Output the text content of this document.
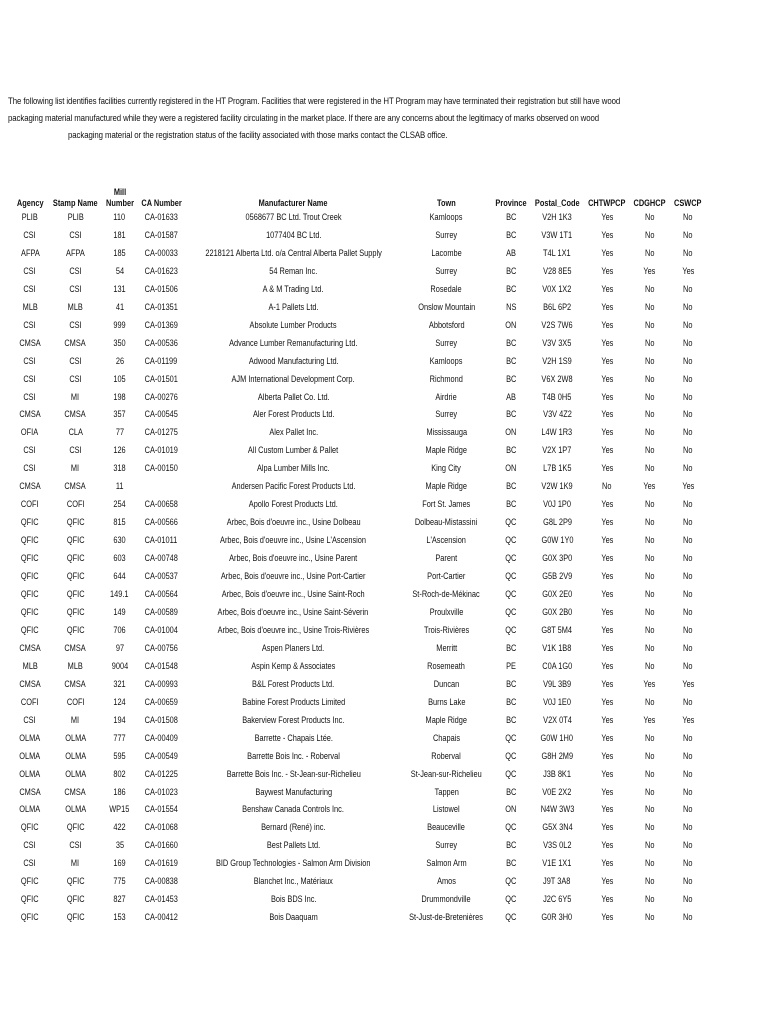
The following list identifies facilities currently registered in the HT Program. Facilities that were registered in the HT Program may have terminated their registration but still have wood

packaging material manufactured while they were a registered facility circulating in the market place. If there are any concerns about the legitimacy of marks observed on wood

packaging material or the registration status of the facility associated with those marks contact the CLSAB office.

Agency	Stamp Name	Mill
Number	CA Number	Manufacturer Name	Town	Province	Postal_Code	CHTWPCP	CDGHCP	CSWCP
PLIB	PLIB	110	CA-01633	0568677 BC Ltd. Trout Creek	Kamloops	BC	V2H 1K3	Yes	No	No
CSI	CSI	181	CA-01587	1077404 BC Ltd.	Surrey	BC	V3W 1T1	Yes	No	No
AFPA	AFPA	185	CA-00033	2218121 Alberta Ltd. o/a Central Alberta Pallet Supply	Lacombe	AB	T4L 1X1	Yes	No	No
CSI	CSI	54	CA-01623	54 Reman Inc.	Surrey	BC	V28 8E5	Yes	Yes	Yes
CSI	CSI	131	CA-01506	A & M Trading Ltd.	Rosedale	BC	V0X 1X2	Yes	No	No
MLB	MLB	41	CA-01351	A-1 Pallets Ltd.	Onslow Mountain	NS	B6L 6P2	Yes	No	No
CSI	CSI	999	CA-01369	Absolute Lumber Products	Abbotsford	ON	V2S 7W6	Yes	No	No
CMSA	CMSA	350	CA-00536	Advance Lumber Remanufacturing Ltd.	Surrey	BC	V3V 3X5	Yes	No	No
CSI	CSI	26	CA-01199	Adwood Manufacturing Ltd.	Kamloops	BC	V2H 1S9	Yes	No	No
CSI	CSI	105	CA-01501	AJM International Development Corp.	Richmond	BC	V6X 2W8	Yes	No	No
CSI	MI	198	CA-00276	Alberta Pallet Co. Ltd.	Airdrie	AB	T4B 0H5	Yes	No	No
CMSA	CMSA	357	CA-00545	Aler Forest Products Ltd.	Surrey	BC	V3V 4Z2	Yes	No	No
OFIA	CLA	77	CA-01275	Alex Pallet Inc.	Mississauga	ON	L4W 1R3	Yes	No	No
CSI	CSI	126	CA-01019	All Custom Lumber & Pallet	Maple Ridge	BC	V2X 1P7	Yes	No	No
CSI	MI	318	CA-00150	Alpa Lumber Mills Inc.	King City	ON	L7B 1K5	Yes	No	No
CMSA	CMSA	11		Andersen Pacific Forest Products Ltd.	Maple Ridge	BC	V2W 1K9	No	Yes	Yes
COFI	COFI	254	CA-00658	Apollo Forest Products Ltd.	Fort St. James	BC	V0J 1P0	Yes	No	No
QFIC	QFIC	815	CA-00566	Arbec, Bois d'oeuvre inc., Usine Dolbeau	Dolbeau-Mistassini	QC	G8L 2P9	Yes	No	No
QFIC	QFIC	630	CA-01011	Arbec, Bois d'oeuvre inc., Usine L'Ascension	L'Ascension	QC	G0W 1Y0	Yes	No	No
QFIC	QFIC	603	CA-00748	Arbec, Bois d'oeuvre inc., Usine Parent	Parent	QC	G0X 3P0	Yes	No	No
QFIC	QFIC	644	CA-00537	Arbec, Bois d'oeuvre inc., Usine Port-Cartier	Port-Cartier	QC	G5B 2V9	Yes	No	No
QFIC	QFIC	149.1	CA-00564	Arbec, Bois d'oeuvre inc., Usine Saint-Roch	St-Roch-de-Mékinac	QC	G0X 2E0	Yes	No	No
QFIC	QFIC	149	CA-00589	Arbec, Bois d'oeuvre inc., Usine Saint-Séverin	Proulxville	QC	G0X 2B0	Yes	No	No
QFIC	QFIC	706	CA-01004	Arbec, Bois d'oeuvre inc., Usine Trois-Rivières	Trois-Rivières	QC	G8T 5M4	Yes	No	No
CMSA	CMSA	97	CA-00756	Aspen Planers Ltd.	Merritt	BC	V1K 1B8	Yes	No	No
MLB	MLB	9004	CA-01548	Aspin Kemp & Associates	Rosemeath	PE	C0A 1G0	Yes	No	No
CMSA	CMSA	321	CA-00993	B&L Forest Products Ltd.	Duncan	BC	V9L 3B9	Yes	Yes	Yes
COFI	COFI	124	CA-00659	Babine Forest Products Limited	Burns Lake	BC	V0J 1E0	Yes	No	No
CSI	MI	194	CA-01508	Bakerview Forest Products Inc.	Maple Ridge	BC	V2X 0T4	Yes	Yes	Yes
OLMA	OLMA	777	CA-00409	Barrette - Chapais Ltée.	Chapais	QC	G0W 1H0	Yes	No	No
OLMA	OLMA	595	CA-00549	Barrette Bois Inc. - Roberval	Roberval	QC	G8H 2M9	Yes	No	No
OLMA	OLMA	802	CA-01225	Barrette Bois Inc. - St-Jean-sur-Richelieu	St-Jean-sur-Richelieu	QC	J3B 8K1	Yes	No	No
CMSA	CMSA	186	CA-01023	Baywest Manufacturing	Tappen	BC	V0E 2X2	Yes	No	No
OLMA	OLMA	WP15	CA-01554	Benshaw Canada Controls Inc.	Listowel	ON	N4W 3W3	Yes	No	No
QFIC	QFIC	422	CA-01068	Bernard (René) inc.	Beauceville	QC	G5X 3N4	Yes	No	No
CSI	CSI	35	CA-01660	Best Pallets Ltd.	Surrey	BC	V3S 0L2	Yes	No	No
CSI	MI	169	CA-01619	BID Group Technologies - Salmon Arm Division	Salmon Arm	BC	V1E 1X1	Yes	No	No
QFIC	QFIC	775	CA-00838	Blanchet Inc., Matériaux	Amos	QC	J9T 3A8	Yes	No	No
QFIC	QFIC	827	CA-01453	Bois BDS Inc.	Drummondville	QC	J2C 6Y5	Yes	No	No
QFIC	QFIC	153	CA-00412	Bois Daaquam	St-Just-de-Bretenières	QC	G0R 3H0	Yes	No	No
